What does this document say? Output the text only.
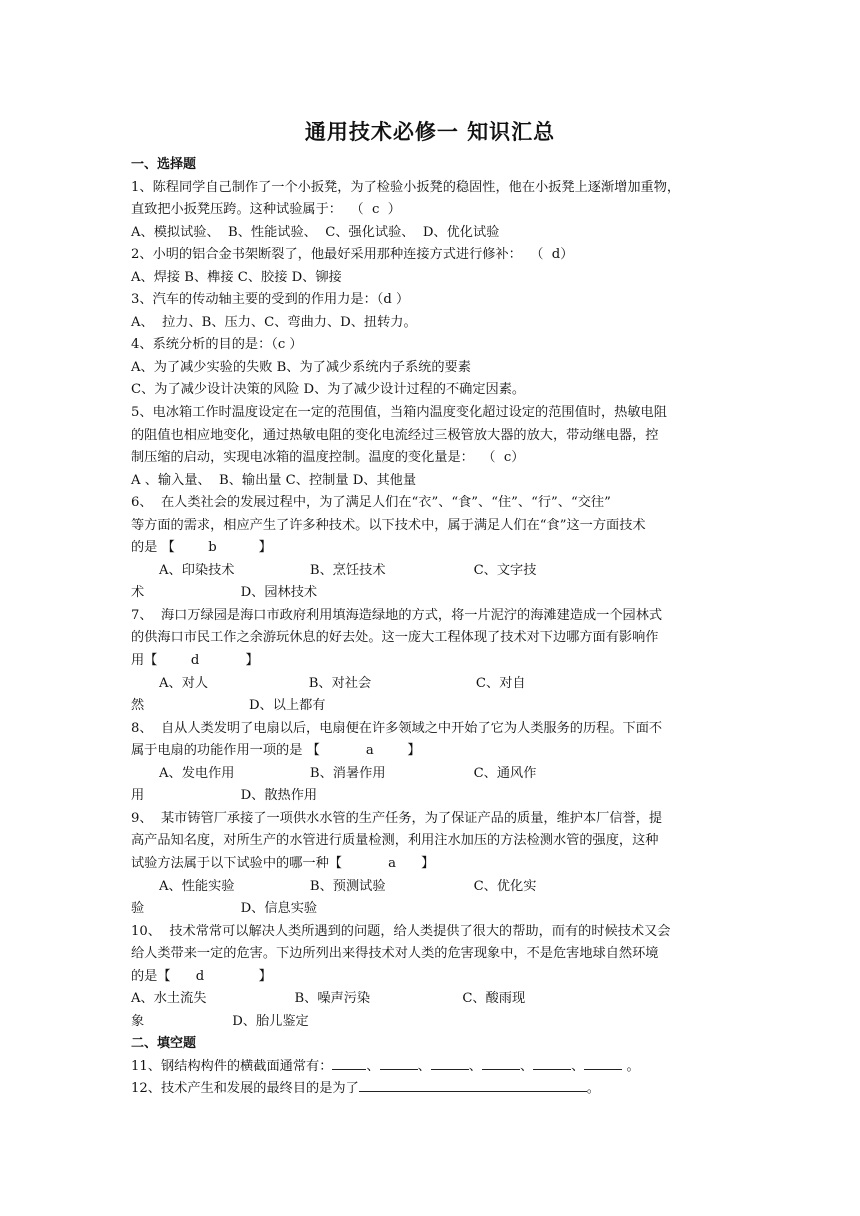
通用技术必修一 知识汇总
一、选择题
1、陈程同学自己制作了一个小扳凳，为了检验小扳凳的稳固性，他在小扳凳上逐渐增加重物，
直致把小扳凳压跨。这种试验属于：  （  c  ）
A、模拟试验、  B、性能试验、  C、强化试验、  D、优化试验
2、小明的铝合金书架断裂了，他最好采用那种连接方式进行修补：  （  d）
A、焊接 B、榫接 C、胶接 D、铆接
3、汽车的传动轴主要的受到的作用力是：（d ）
A、  拉力、B、压力、C、弯曲力、D、扭转力。
4、系统分析的目的是：（c ）
A、为了减少实验的失败 B、为了减少系统内子系统的要素
C、为了减少设计决策的风险 D、为了减少设计过程的不确定因素。
5、电冰箱工作时温度设定在一定的范围值，当箱内温度变化超过设定的范围值时，热敏电阻
的阻值也相应地变化，通过热敏电阻的变化电流经过三极管放大器的放大，带动继电器，控
制压缩的启动，实现电冰箱的温度控制。温度的变化量是：  （  c）
A 、输入量、  B、输出量 C、控制量 D、其他量
6、  在人类社会的发展过程中，为了满足人们在“衣”、“食”、“住”、“行”、“交往”
等方面的需求，相应产生了许多种技术。以下技术中，属于满足人们在“食”这一方面技术
的是 【        b          】
A、印染技术                  B、烹饪技术                     C、文字技
术                       D、园林技术
7、  海口万绿园是海口市政府利用填海造绿地的方式，将一片泥泞的海滩建造成一个园林式
的供海口市民工作之余游玩休息的好去处。这一庞大工程体现了技术对下边哪方面有影响作
用【        d           】
A、对人                        B、对社会                         C、对自
然                         D、以上都有
8、  自从人类发明了电扇以后，电扇便在许多领域之中开始了它为人类服务的历程。下面不
属于电扇的功能作用一项的是 【           a        】
A、发电作用                  B、消暑作用                     C、通风作
用                       D、散热作用
9、  某市铸管厂承接了一项供水水管的生产任务，为了保证产品的质量，维护本厂信誉，提
高产品知名度，对所生产的水管进行质量检测，利用注水加压的方法检测水管的强度，这种
试验方法属于以下试验中的哪一种【           a      】
A、性能实验                  B、预测试验                     C、优化实
验                       D、信息实验
10、  技术常常可以解决人类所遇到的问题，给人类提供了很大的帮助，而有的时候技术又会
给人类带来一定的危害。下边所列出来得技术对人类的危害现象中，不是危害地球自然环境
的是【      d             】
A、水土流失                     B、噪声污染                      C、酸雨现
象                     D、胎儿鉴定
二、填空题
11、钢结构构件的横截面通常有：	、	、	、	、	、	。
12、技术产生和发展的最终目的是为了	。
